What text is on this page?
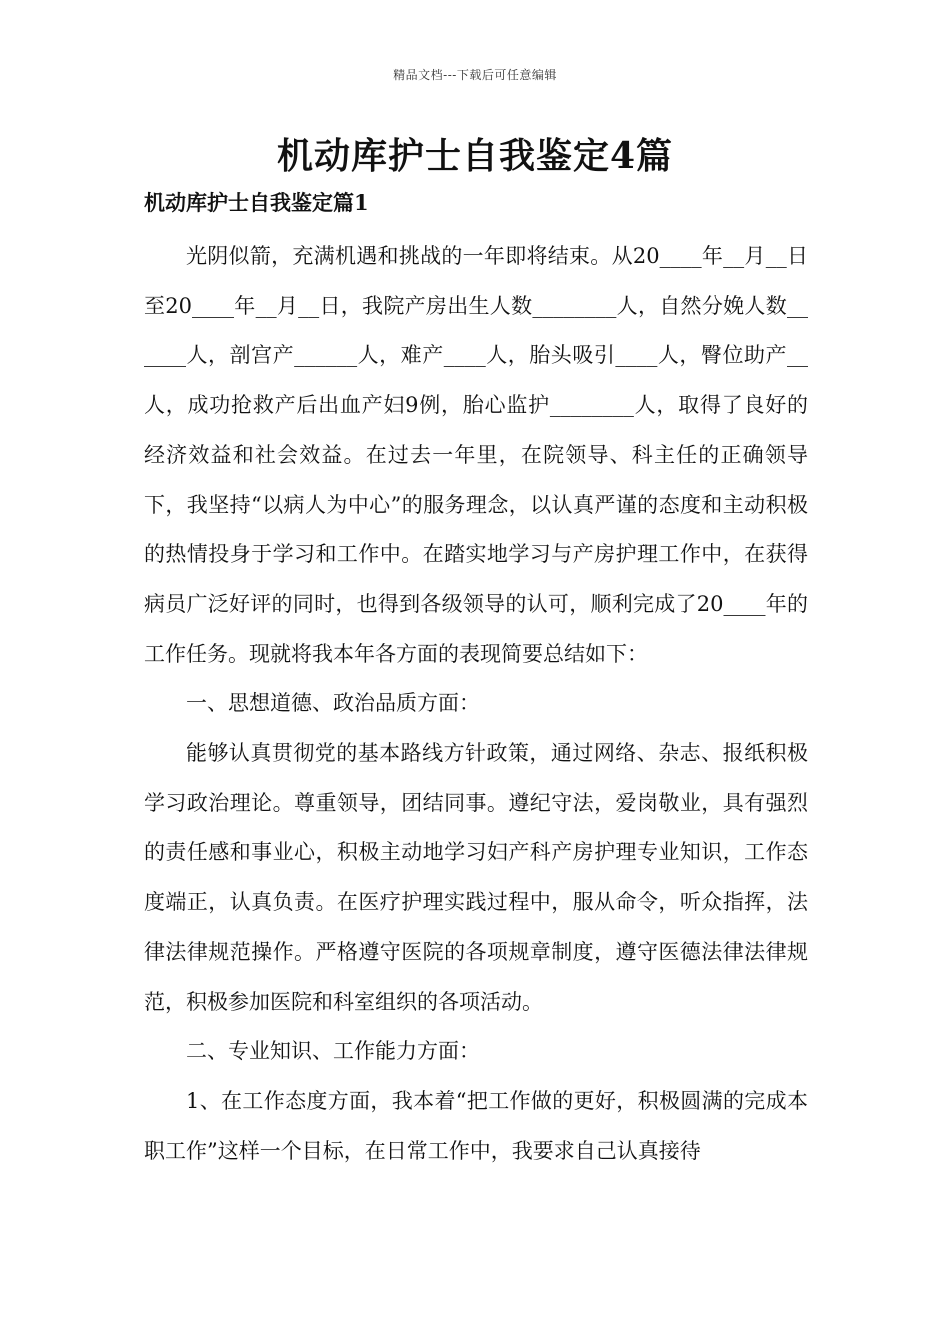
精品文档---下载后可任意编辑
机动库护士自我鉴定4篇
机动库护士自我鉴定篇1

光阴似箭，充满机遇和挑战的一年即将结束。从20____年__月__日至20____年__月__日，我院产房出生人数________人，自然分娩人数______人，剖宫产______人，难产____人，胎头吸引____人，臀位助产__人，成功抢救产后出血产妇9例，胎心监护________人，取得了良好的经济效益和社会效益。在过去一年里，在院领导、科主任的正确领导下，我坚持“以病人为中心”的服务理念，以认真严谨的态度和主动积极的热情投身于学习和工作中。在踏实地学习与产房护理工作中，在获得病员广泛好评的同时，也得到各级领导的认可，顺利完成了20____年的工作任务。现就将我本年各方面的表现简要总结如下：

一、思想道德、政治品质方面：

能够认真贯彻党的基本路线方针政策，通过网络、杂志、报纸积极学习政治理论。尊重领导，团结同事。遵纪守法，爱岗敬业，具有强烈的责任感和事业心，积极主动地学习妇产科产房护理专业知识，工作态度端正，认真负责。在医疗护理实践过程中，服从命令，听众指挥，法律法律规范操作。严格遵守医院的各项规章制度，遵守医德法律法律规范，积极参加医院和科室组织的各项活动。

二、专业知识、工作能力方面：

1、在工作态度方面，我本着“把工作做的更好，积极圆满的完成本职工作”这样一个目标，在日常工作中，我要求自己认真接待
